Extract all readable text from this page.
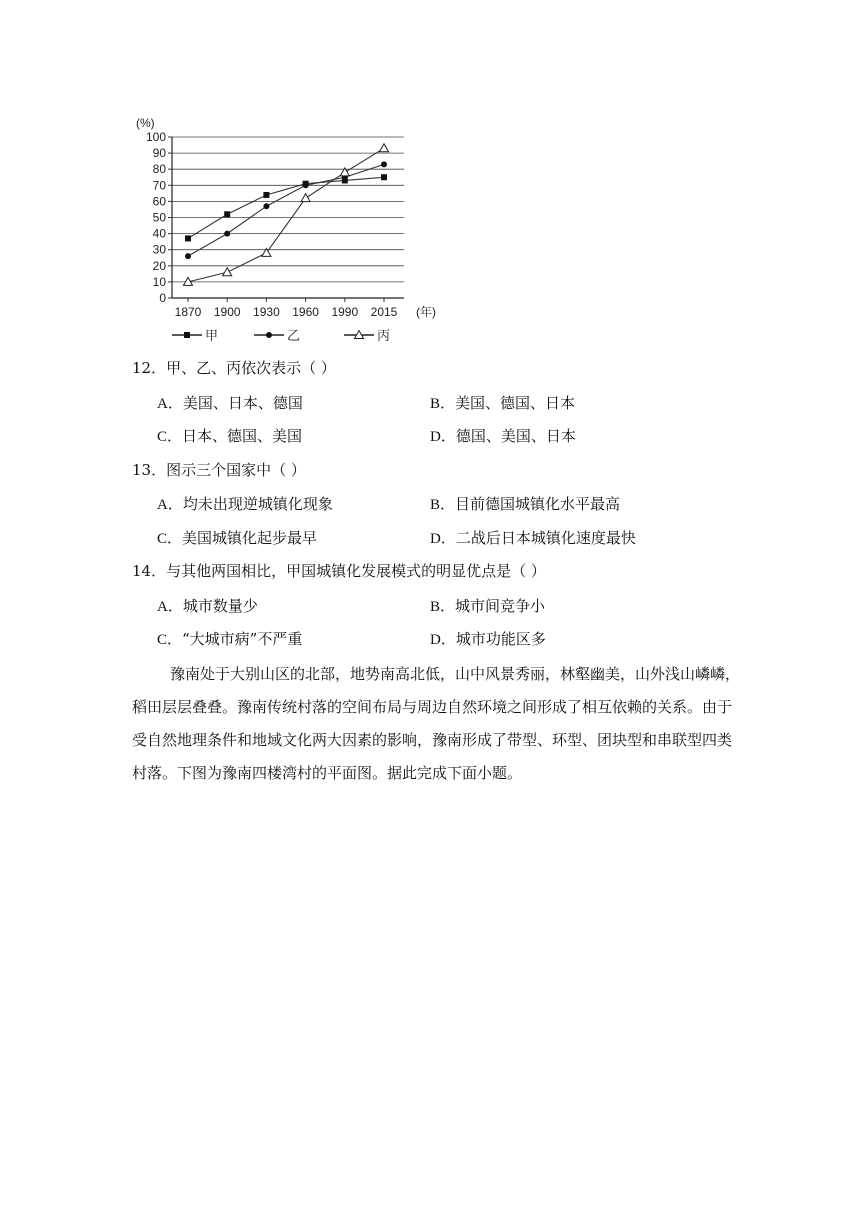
0
10
20
30
40
50
60
70
80
90
100
1870 1900 1930 1960 1990 2015
甲	乙	丙
(%)
(年)
12．甲、乙、丙依次表示（ ）
A．美国、日本、德国	B．美国、德国、日本
C．日本、德国、美国	D．德国、美国、日本
13．图示三个国家中（ ）
A．均未出现逆城镇化现象	B．目前德国城镇化水平最高
C．美国城镇化起步最早	D．二战后日本城镇化速度最快
14．与其他两国相比，甲国城镇化发展模式的明显优点是（ ）
A．城市数量少	B．城市间竞争小
C．“大城市病”不严重	D．城市功能区多
豫南处于大别山区的北部，地势南高北低，山中风景秀丽，林壑幽美，山外浅山嶙嶙，
稻田层层叠叠。豫南传统村落的空间布局与周边自然环境之间形成了相互依赖的关系。由于
受自然地理条件和地域文化两大因素的影响，豫南形成了带型、环型、团块型和串联型四类
村落。下图为豫南四楼湾村的平面图。据此完成下面小题。
